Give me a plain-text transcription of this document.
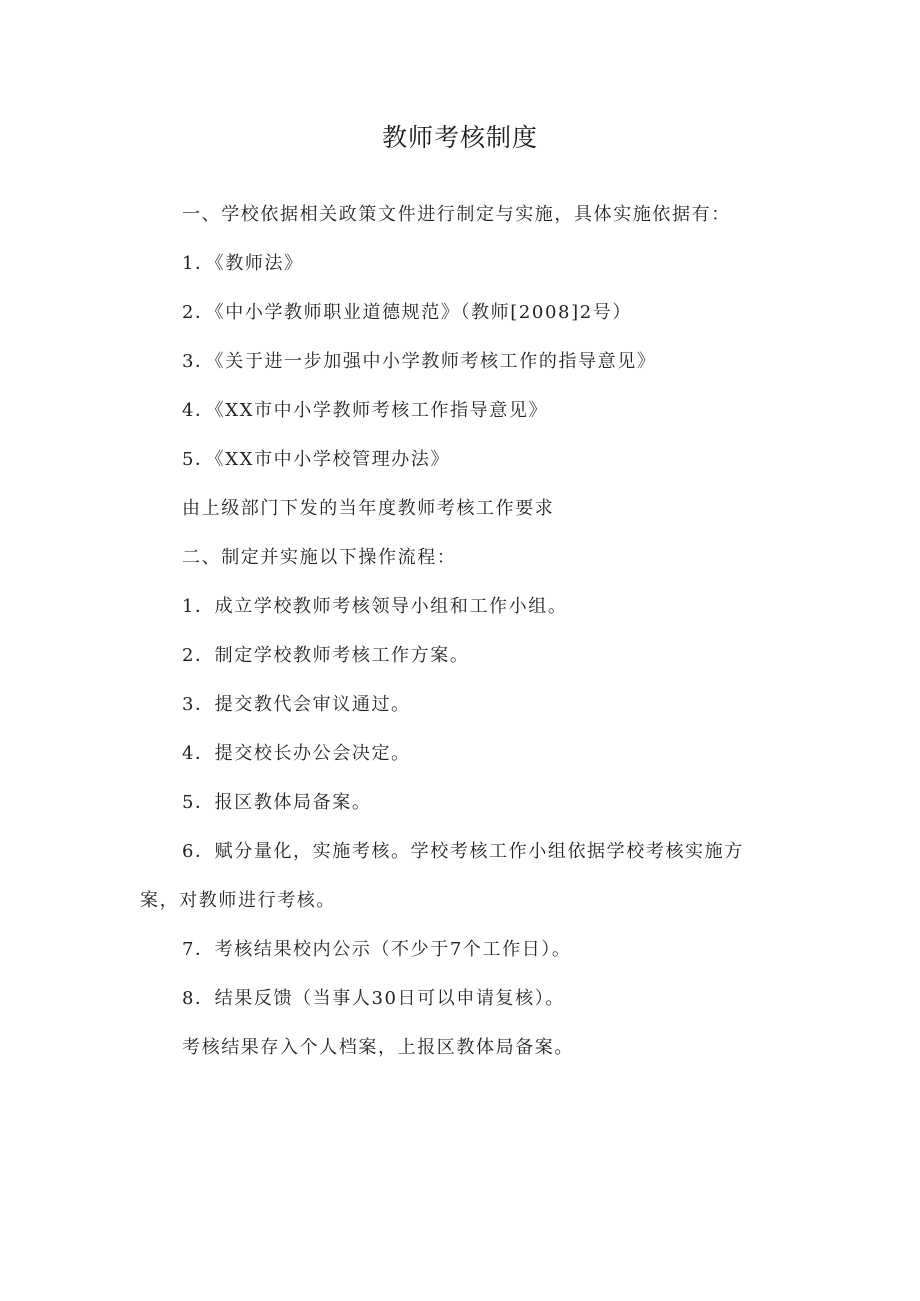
教师考核制度

一、学校依据相关政策文件进行制定与实施，具体实施依据有：

1．《教师法》

2．《中小学教师职业道德规范》（教师[2008]2号）

3．《关于进一步加强中小学教师考核工作的指导意见》

4．《XX市中小学教师考核工作指导意见》

5．《XX市中小学校管理办法》

由上级部门下发的当年度教师考核工作要求

二、制定并实施以下操作流程：

1．成立学校教师考核领导小组和工作小组。

2．制定学校教师考核工作方案。

3．提交教代会审议通过。

4．提交校长办公会决定。

5．报区教体局备案。

6．赋分量化，实施考核。学校考核工作小组依据学校考核实施方案，对教师进行考核。

7．考核结果校内公示（不少于7个工作日）。

8．结果反馈（当事人30日可以申请复核）。

考核结果存入个人档案，上报区教体局备案。
